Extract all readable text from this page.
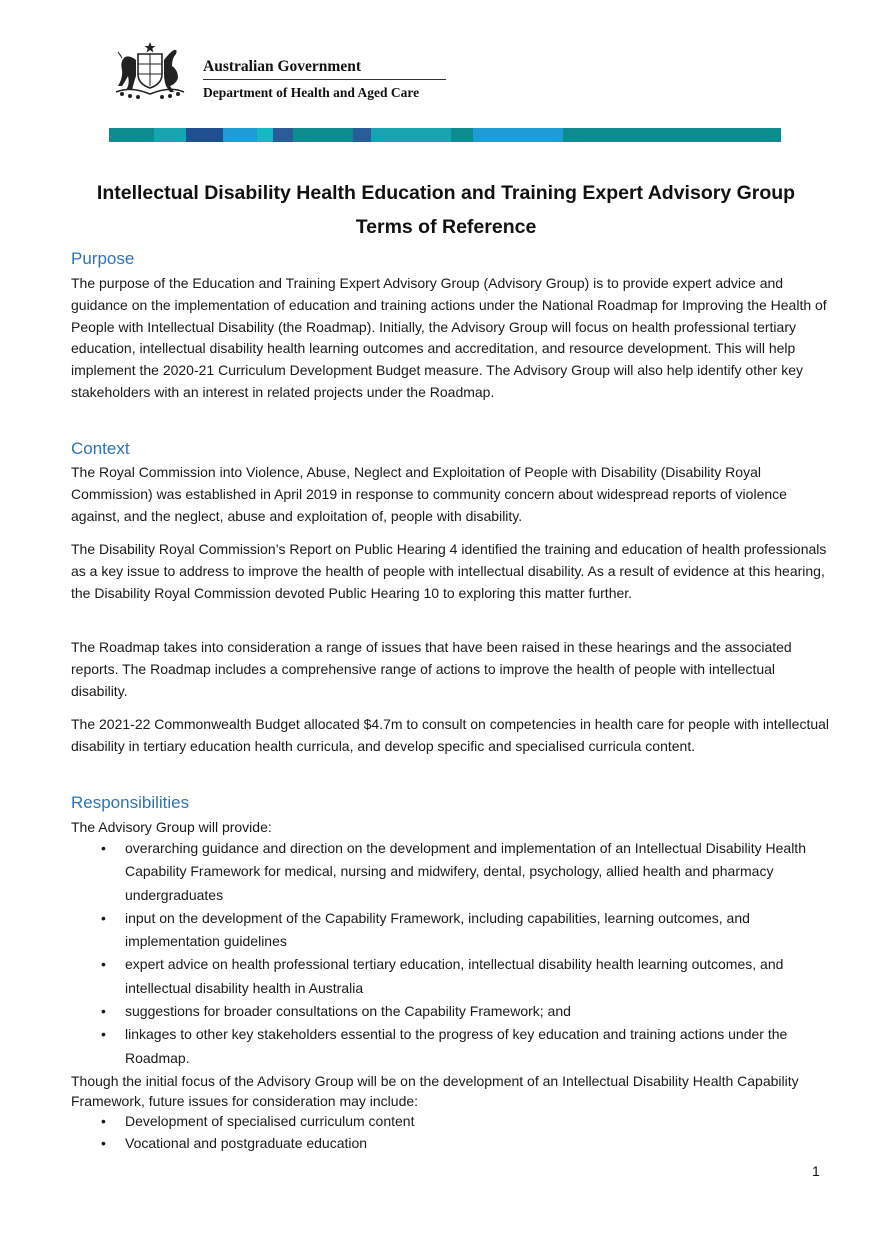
Australian Government
Department of Health and Aged Care
Intellectual Disability Health Education and Training Expert Advisory Group
Terms of Reference
Purpose

The purpose of the Education and Training Expert Advisory Group (Advisory Group) is to provide expert advice and guidance on the implementation of education and training actions under the National Roadmap for Improving the Health of People with Intellectual Disability (the Roadmap). Initially, the Advisory Group will focus on health professional tertiary education, intellectual disability health learning outcomes and accreditation, and resource development. This will help implement the 2020-21 Curriculum Development Budget measure. The Advisory Group will also help identify other key stakeholders with an interest in related projects under the Roadmap.

Context

The Royal Commission into Violence, Abuse, Neglect and Exploitation of People with Disability (Disability Royal Commission) was established in April 2019 in response to community concern about widespread reports of violence against, and the neglect, abuse and exploitation of, people with disability.

The Disability Royal Commission’s Report on Public Hearing 4 identified the training and education of health professionals as a key issue to address to improve the health of people with intellectual disability. As a result of evidence at this hearing, the Disability Royal Commission devoted Public Hearing 10 to exploring this matter further.

The Roadmap takes into consideration a range of issues that have been raised in these hearings and the associated reports. The Roadmap includes a comprehensive range of actions to improve the health of people with intellectual disability.

The 2021-22 Commonwealth Budget allocated $4.7m to consult on competencies in health care for people with intellectual disability in tertiary education health curricula, and develop specific and specialised curricula content.

Responsibilities

The Advisory Group will provide:

• overarching guidance and direction on the development and implementation of an Intellectual Disability Health Capability Framework for medical, nursing and midwifery, dental, psychology, allied health and pharmacy undergraduates
• input on the development of the Capability Framework, including capabilities, learning outcomes, and implementation guidelines
• expert advice on health professional tertiary education, intellectual disability health learning outcomes, and intellectual disability health in Australia
• suggestions for broader consultations on the Capability Framework; and
• linkages to other key stakeholders essential to the progress of key education and training actions under the Roadmap.

Though the initial focus of the Advisory Group will be on the development of an Intellectual Disability Health Capability Framework, future issues for consideration may include:

• Development of specialised curriculum content
• Vocational and postgraduate education
1
